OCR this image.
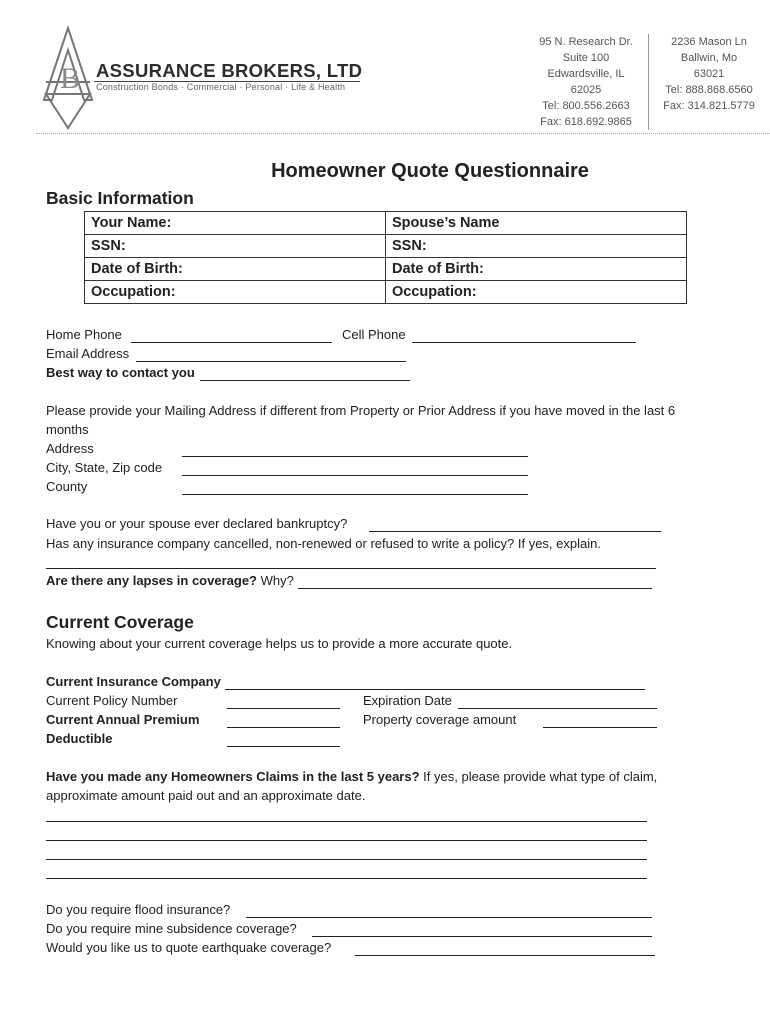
B ASSURANCE BROKERS, LTD
Construction Bonds · Commercial · Personal · Life & Health
95 N. Research Dr.
Suite 100
Edwardsville, IL
62025
Tel: 800.556.2663
Fax: 618.692.9865
2236 Mason Ln
Ballwin, Mo
63021
Tel: 888.868.6560
Fax: 314.821.5779
Homeowner Quote Questionnaire
Basic Information
Your Name:	Spouse’s Name
SSN:	SSN:
Date of Birth:	Date of Birth:
Occupation:	Occupation:
Home Phone	Cell Phone
Email Address
Best way to contact you
Please provide your Mailing Address if different from Property or Prior Address if you have moved in the last 6
months
Address
City, State, Zip code
County
Have you or your spouse ever declared bankruptcy?
Has any insurance company cancelled, non-renewed or refused to write a policy? If yes, explain.
Are there any lapses in coverage? Why?
Current Coverage
Knowing about your current coverage helps us to provide a more accurate quote.
Current Insurance Company
Current Policy Number	Expiration Date
Current Annual Premium	Property coverage amount
Deductible
Have you made any Homeowners Claims in the last 5 years? If yes, please provide what type of claim,
approximate amount paid out and an approximate date.
Do you require flood insurance?
Do you require mine subsidence coverage?
Would you like us to quote earthquake coverage?
